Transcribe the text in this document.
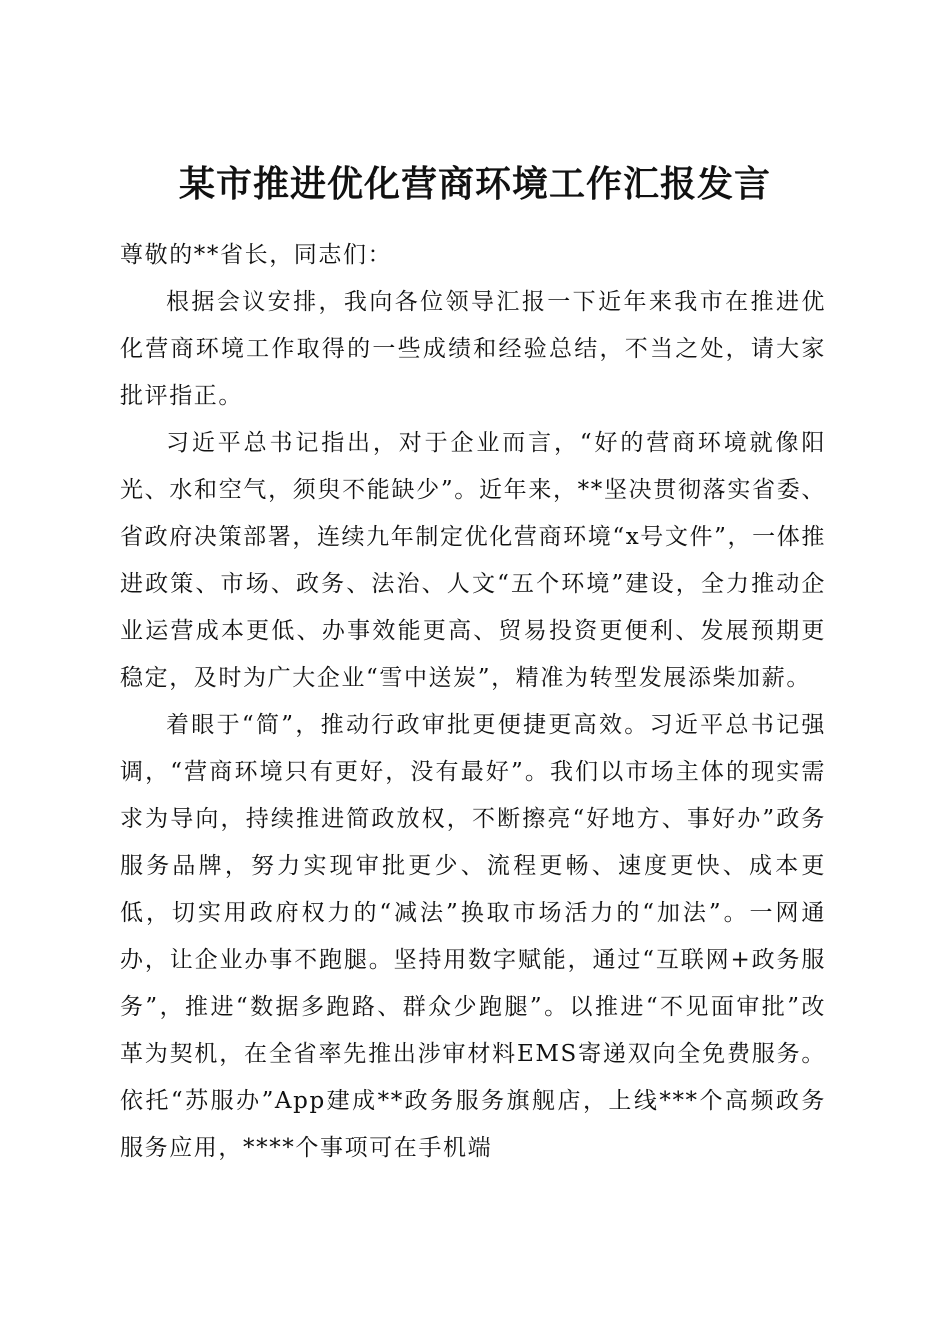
某市推进优化营商环境工作汇报发言

尊敬的**省长，同志们：

根据会议安排，我向各位领导汇报一下近年来我市在推进优化营商环境工作取得的一些成绩和经验总结，不当之处，请大家批评指正。

习近平总书记指出，对于企业而言，“好的营商环境就像阳光、水和空气，须臾不能缺少”。近年来，**坚决贯彻落实省委、省政府决策部署，连续九年制定优化营商环境“x号文件”，一体推进政策、市场、政务、法治、人文“五个环境”建设，全力推动企业运营成本更低、办事效能更高、贸易投资更便利、发展预期更稳定，及时为广大企业“雪中送炭”，精准为转型发展添柴加薪。

着眼于“简”，推动行政审批更便捷更高效。习近平总书记强调，“营商环境只有更好，没有最好”。我们以市场主体的现实需求为导向，持续推进简政放权，不断擦亮“好地方、事好办”政务服务品牌，努力实现审批更少、流程更畅、速度更快、成本更低，切实用政府权力的“减法”换取市场活力的“加法”。一网通办，让企业办事不跑腿。坚持用数字赋能，通过“互联网+政务服务”，推进“数据多跑路、群众少跑腿”。以推进“不见面审批”改革为契机，在全省率先推出涉审材料EMS寄递双向全免费服务。依托“苏服办”App建成**政务服务旗舰店，上线***个高频政务服务应用，****个事项可在手机端
